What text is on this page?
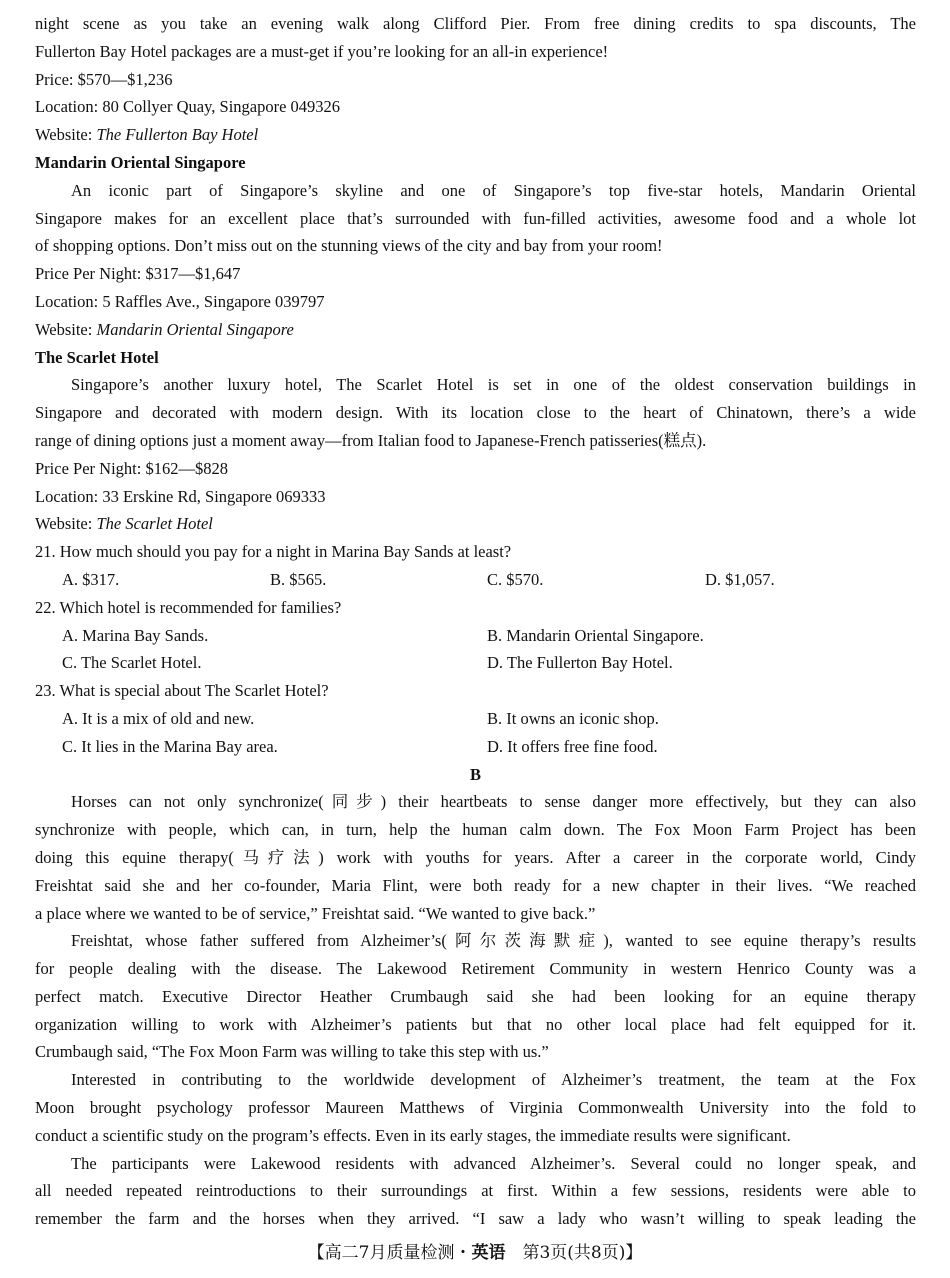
night scene as you take an evening walk along Clifford Pier. From free dining credits to spa discounts, The
Fullerton Bay Hotel packages are a must-get if you’re looking for an all-in experience!
Price: $570—$1,236
Location: 80 Collyer Quay, Singapore 049326
Website: The Fullerton Bay Hotel
Mandarin Oriental Singapore
An iconic part of Singapore’s skyline and one of Singapore’s top five-star hotels, Mandarin Oriental
Singapore makes for an excellent place that’s surrounded with fun-filled activities, awesome food and a whole lot
of shopping options. Don’t miss out on the stunning views of the city and bay from your room!
Price Per Night: $317—$1,647
Location: 5 Raffles Ave., Singapore 039797
Website: Mandarin Oriental Singapore
The Scarlet Hotel
Singapore’s another luxury hotel, The Scarlet Hotel is set in one of the oldest conservation buildings in
Singapore and decorated with modern design. With its location close to the heart of Chinatown, there’s a wide
range of dining options just a moment away—from Italian food to Japanese-French patisseries(糕点).
Price Per Night: $162—$828
Location: 33 Erskine Rd, Singapore 069333
Website: The Scarlet Hotel
21. How much should you pay for a night in Marina Bay Sands at least?
A. $317.	B. $565.	C. $570.	D. $1,057.
22. Which hotel is recommended for families?
A. Marina Bay Sands.	B. Mandarin Oriental Singapore.
C. The Scarlet Hotel.	D. The Fullerton Bay Hotel.
23. What is special about The Scarlet Hotel?
A. It is a mix of old and new.	B. It owns an iconic shop.
C. It lies in the Marina Bay area.	D. It offers free fine food.
B
Horses can not only synchronize(同步) their heartbeats to sense danger more effectively, but they can also
synchronize with people, which can, in turn, help the human calm down. The Fox Moon Farm Project has been
doing this equine therapy(马疗法) work with youths for years. After a career in the corporate world, Cindy
Freishtat said she and her co-founder, Maria Flint, were both ready for a new chapter in their lives. “We reached
a place where we wanted to be of service,” Freishtat said. “We wanted to give back.”
Freishtat, whose father suffered from Alzheimer’s(阿尔茨海默症), wanted to see equine therapy’s results
for people dealing with the disease. The Lakewood Retirement Community in western Henrico County was a
perfect match. Executive Director Heather Crumbaugh said she had been looking for an equine therapy
organization willing to work with Alzheimer’s patients but that no other local place had felt equipped for it.
Crumbaugh said, “The Fox Moon Farm was willing to take this step with us.”
Interested in contributing to the worldwide development of Alzheimer’s treatment, the team at the Fox
Moon brought psychology professor Maureen Matthews of Virginia Commonwealth University into the fold to
conduct a scientific study on the program’s effects. Even in its early stages, the immediate results were significant.
The participants were Lakewood residents with advanced Alzheimer’s. Several could no longer speak, and
all needed repeated reintroductions to their surroundings at first. Within a few sessions, residents were able to
remember the farm and the horses when they arrived. “I saw a lady who wasn’t willing to speak leading the
【高二7月质量检测・英语　第3页(共8页)】
